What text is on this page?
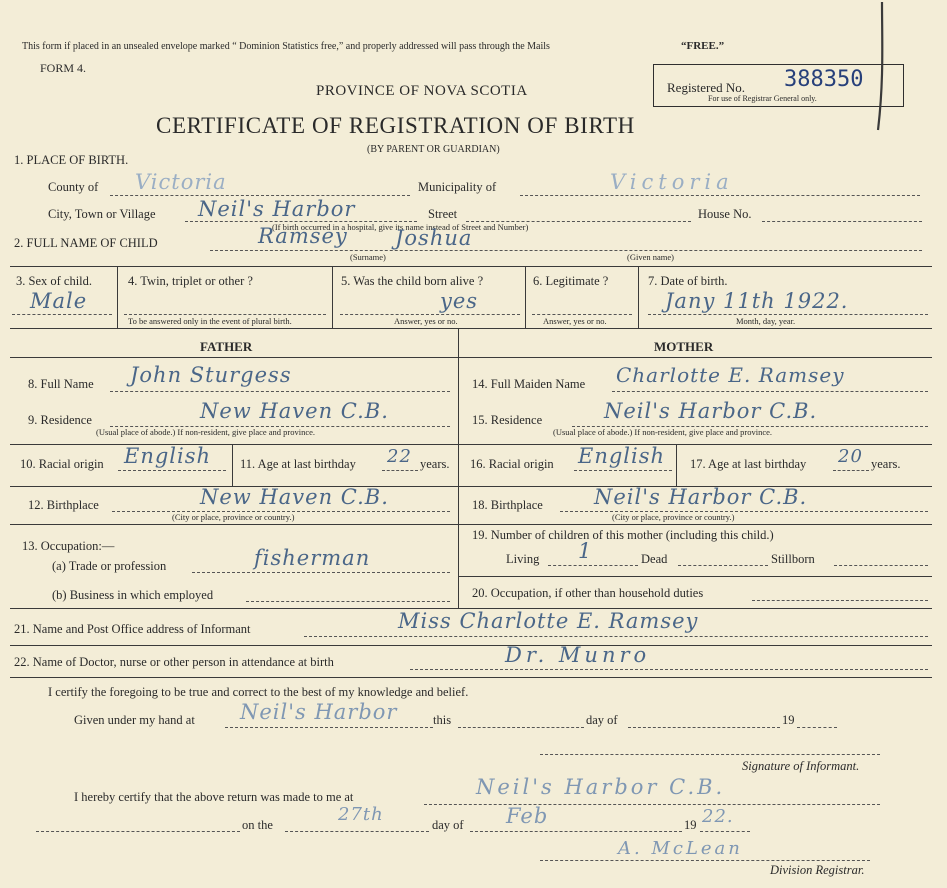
This form if placed in an unsealed envelope marked “ Dominion Statistics free,” and properly addressed will pass through the Mails	“FREE.”
FORM 4.
PROVINCE OF NOVA SCOTIA
CERTIFICATE OF REGISTRATION OF BIRTH
(BY PARENT OR GUARDIAN)
Registered No. 388350
For use of Registrar General only.
1. PLACE OF BIRTH.
County of Victoria	Municipality of	Victoria
City, Town or Village Neil's Harbor	Street
(If birth occurred in a hospital, give its name instead of Street and Number)
House No.
2. FULL NAME OF CHILD	Ramsey Joshua
(Surname)	(Given name)
3. Sex of child.
Male
4. Twin, triplet or other ?
To be answered only in the event of plural birth.
5. Was the child born alive ?
yes
Answer, yes or no.
6. Legitimate ?
Answer, yes or no.
7. Date of birth.
Jany 11th 1922.
Month, day, year.
FATHER	MOTHER
8. Full Name John Sturgess	14. Full Maiden Name Charlotte E. Ramsey
9. Residence	New Haven C.B.
(Usual place of abode.) If non-resident, give place and province.
15. Residence	Neil's Harbor C.B.
(Usual place of abode.) If non-resident, give place and province.
10. Racial origin English 11. Age at last birthday 22 years. 16. Racial origin English 17. Age at last birthday 20 years.
12. Birthplace	New Haven C.B.
(City or place, province or country.)
18. Birthplace Neil's Harbor C.B.
(City or place, province or country.)
13. Occupation:—
(a) Trade or profession	fisherman
(b) Business in which employed
19. Number of children of this mother (including this child.)
Living 1	Dead	Stillborn
20. Occupation, if other than household duties
21. Name and Post Office address of Informant	Miss Charlotte E. Ramsey
22. Name of Doctor, nurse or other person in attendance at birth	Dr. Munro
I certify the foregoing to be true and correct to the best of my knowledge and belief.
Given under my hand at Neil's Harbor	this	day of	19
Signature of Informant.
I hereby certify that the above return was made to me at	Neil's Harbor C.B.
on the	27th	day of Feb	19 22.
A. McLean
Division Registrar.
